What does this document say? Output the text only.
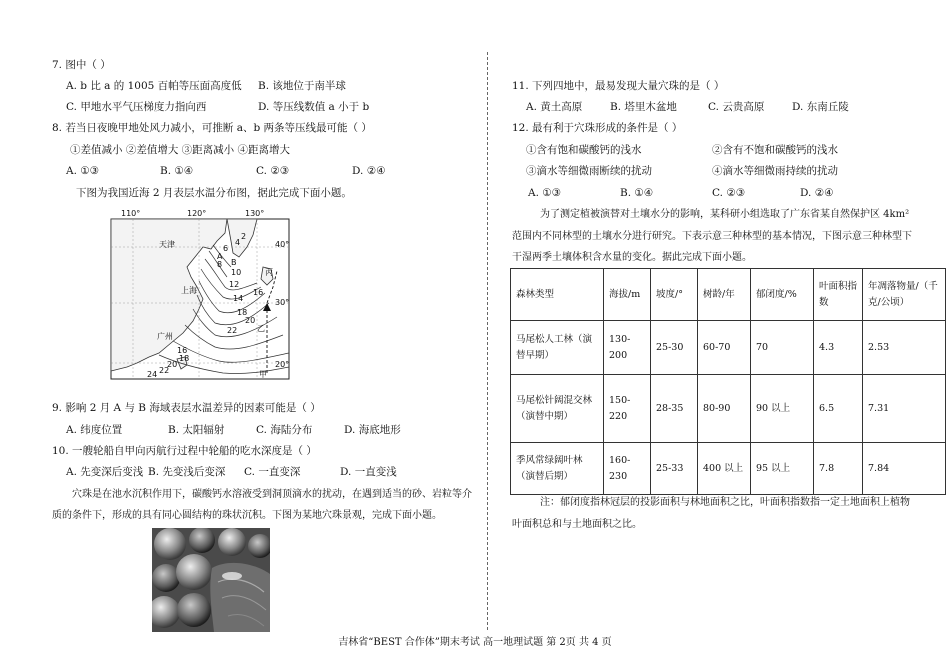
7. 图中（ ）
A. b 比 a 的 1005 百帕等压面高度低 B. 该地位于南半球
C. 甲地水平气压梯度力指向西	D. 等压线数值 a 小于 b
8. 若当日夜晚甲地处风力减小，可推断 a、b 两条等压线最可能（ ）
①差值减小 ②差值增大 ③距离减小 ④距离增大
A. ①③	B. ①④	C. ②③	D. ②④
下图为我国近海 2 月表层水温分布图，据此完成下面小题。
110°	120°	130°
40°
30°
20°
天津
上海
广州
A
B
丙
乙
甲
2
4
6
8
10
12
14
16
18
20
22
16
18
20
22
24
9. 影响 2 月 A 与 B 海域表层水温差异的因素可能是（ ）
A. 纬度位置	B. 太阳辐射	C. 海陆分布	D. 海底地形
10. 一艘轮船自甲向丙航行过程中轮船的吃水深度是（ ）
A. 先变深后变浅 B. 先变浅后变深 C. 一直变深	D. 一直变浅
穴珠是在池水沉积作用下，碳酸钙水溶液受到洞顶滴水的扰动，在遇到适当的砂、岩粒等介
质的条件下，形成的具有同心圆结构的珠状沉积。下图为某地穴珠景观，完成下面小题。
11. 下列四地中，最易发现大量穴珠的是（ ）
A. 黄土高原	B. 塔里木盆地	C. 云贵高原	D. 东南丘陵
12. 最有利于穴珠形成的条件是（ ）
①含有饱和碳酸钙的浅水	②含有不饱和碳酸钙的浅水
③滴水等细微雨断续的扰动	④滴水等细微雨持续的扰动
A. ①③	B. ①④	C. ②③	D. ②④
为了测定植被演替对土壤水分的影响，某科研小组选取了广东省某自然保护区 4km²
范围内不同林型的土壤水分进行研究。下表示意三种林型的基本情况，下图示意三种林型下
干湿两季土壤体积含水量的变化。据此完成下面小题。
森林类型	海拔/m	坡度/°	树龄/年	郁闭度/%	叶面积指数	年凋落物量/（千克/公顷）
马尾松人工林（演替早期）	130-200	25-30	60-70	70	4.3	2.53
马尾松针阔混交林（演替中期）	150-220	28-35	80-90	90 以上	6.5	7.31
季风常绿阔叶林（演替后期）	160-230	25-33	400 以上	95 以上	7.8	7.84
注：郁闭度指林冠层的投影面积与林地面积之比，叶面积指数指一定土地面积上植物
叶面积总和与土地面积之比。
吉林省“BEST 合作体”期末考试 高一地理试题 第 2页 共 4 页
